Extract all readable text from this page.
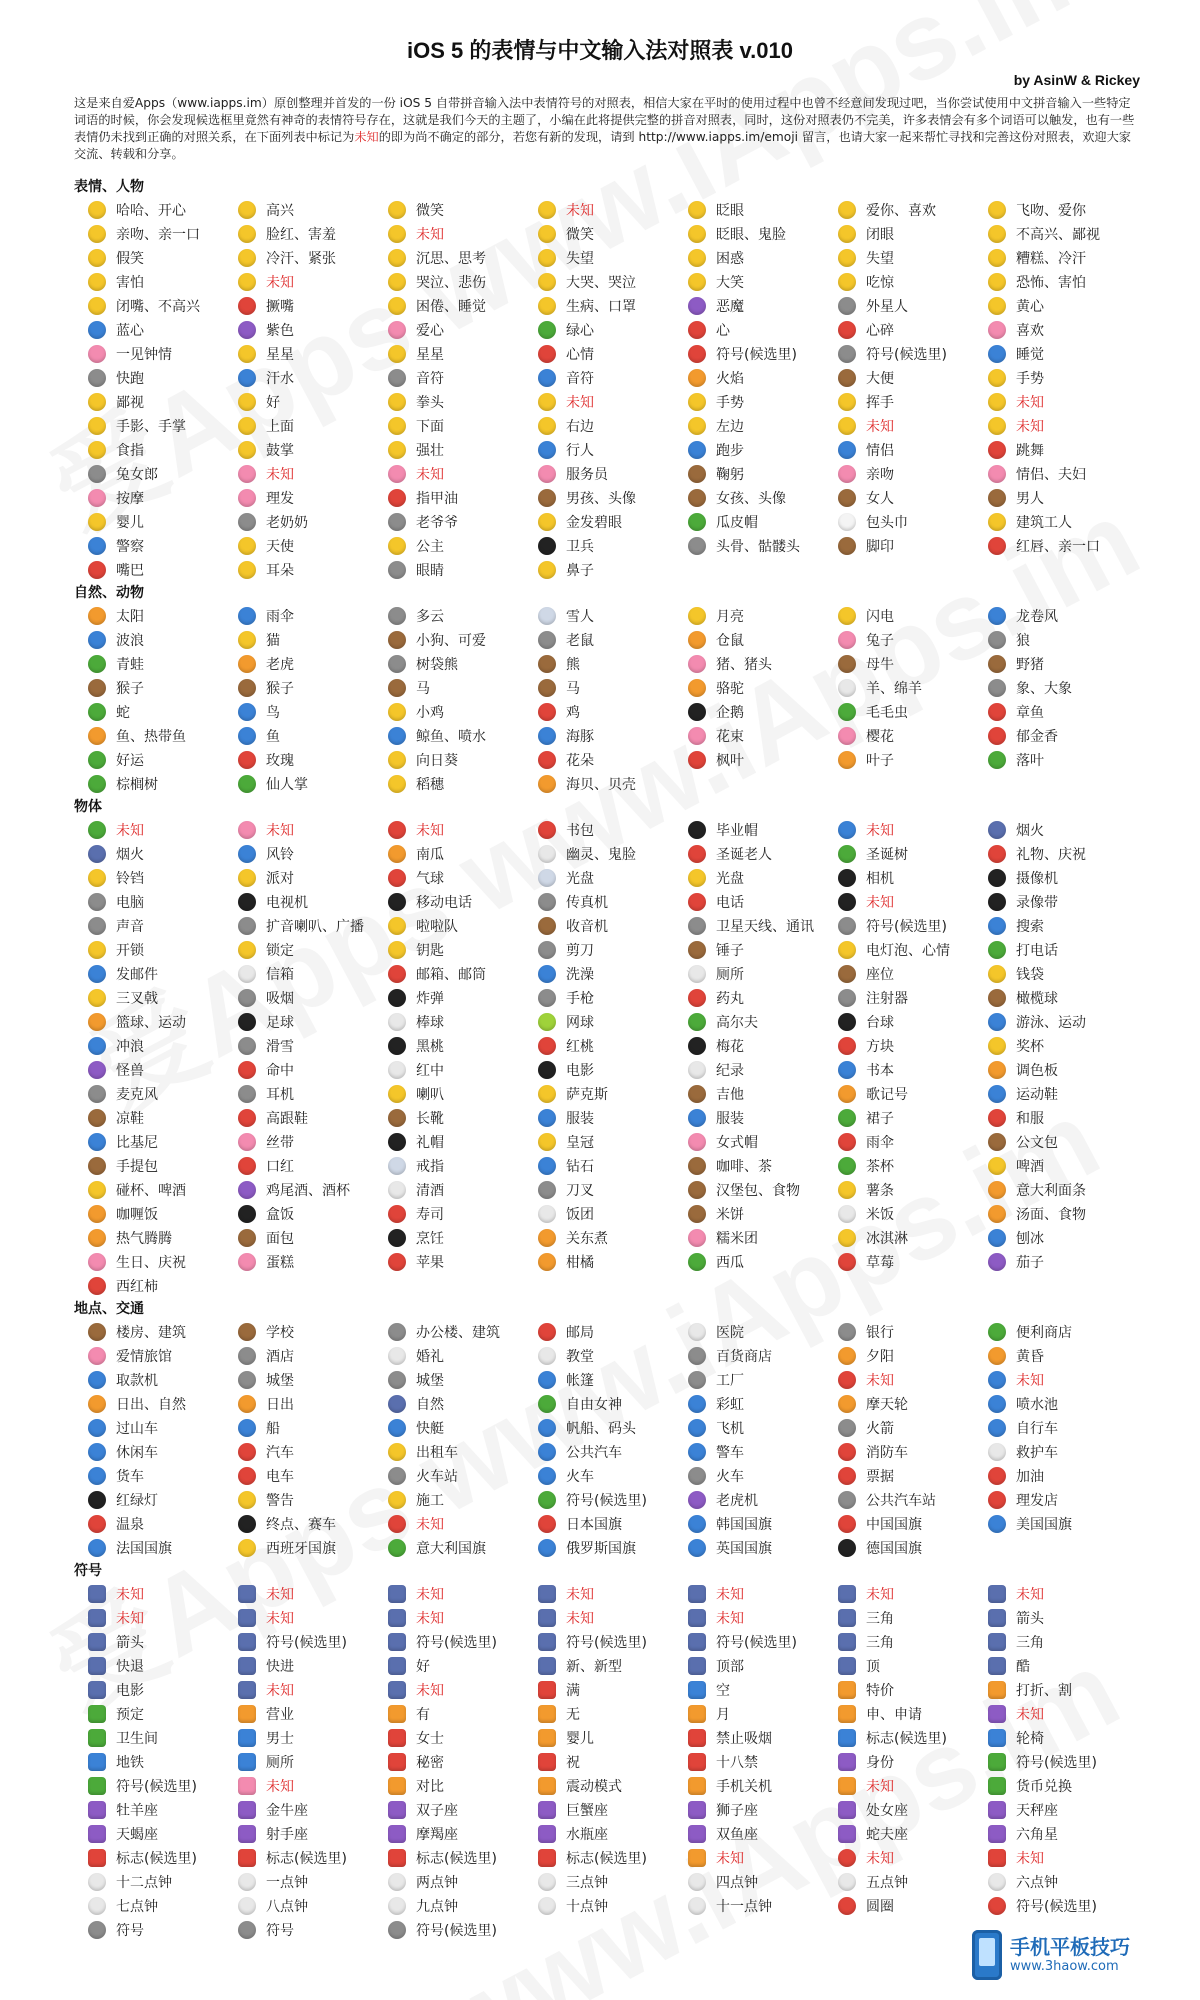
iOS 5 的表情与中文输入法对照表 v.010
by AsinW & Rickey
这是来自爱Apps（www.iapps.im）原创整理并首发的一份 iOS 5 自带拼音输入法中表情符号的对照表，相信大家在平时的使用过程中也曾不经意间发现过吧，当你尝试使用中文拼音输入一些特定词语的时候，你会发现候选框里竟然有神奇的表情符号存在，这就是我们今天的主题了，小编在此将提供完整的拼音对照表，同时，这份对照表仍不完美，许多表情会有多个词语可以触发，也有一些表情仍未找到正确的对照关系，在下面列表中标记为未知的即为尚不确定的部分，若您有新的发现，请到 http://www.iapps.im/emoji 留言，也请大家一起来帮忙寻找和完善这份对照表，欢迎大家交流、转载和分享。
表情、人物
哈哈、开心	高兴	微笑	未知	眨眼	爱你、喜欢	飞吻、爱你
亲吻、亲一口	脸红、害羞	未知	微笑	眨眼、鬼脸	闭眼	不高兴、鄙视
假笑	冷汗、紧张	沉思、思考	失望	困惑	失望	糟糕、冷汗
害怕	未知	哭泣、悲伤	大哭、哭泣	大笑	吃惊	恐怖、害怕
闭嘴、不高兴	撅嘴	困倦、睡觉	生病、口罩	恶魔	外星人	黄心
蓝心	紫色	爱心	绿心	心	心碎	喜欢
一见钟情	星星	星星	心情	符号(候选里)	符号(候选里)	睡觉
快跑	汗水	音符	音符	火焰	大便	手势
鄙视	好	拳头	未知	手势	挥手	未知
手影、手掌	上面	下面	右边	左边	未知	未知
食指	鼓掌	强壮	行人	跑步	情侣	跳舞
兔女郎	未知	未知	服务员	鞠躬	亲吻	情侣、夫妇
按摩	理发	指甲油	男孩、头像	女孩、头像	女人	男人
婴儿	老奶奶	老爷爷	金发碧眼	瓜皮帽	包头巾	建筑工人
警察	天使	公主	卫兵	头骨、骷髅头	脚印	红唇、亲一口
嘴巴	耳朵	眼睛	鼻子
自然、动物
太阳	雨伞	多云	雪人	月亮	闪电	龙卷风
波浪	猫	小狗、可爱	老鼠	仓鼠	兔子	狼
青蛙	老虎	树袋熊	熊	猪、猪头	母牛	野猪
猴子	猴子	马	马	骆驼	羊、绵羊	象、大象
蛇	鸟	小鸡	鸡	企鹅	毛毛虫	章鱼
鱼、热带鱼	鱼	鲸鱼、喷水	海豚	花束	樱花	郁金香
好运	玫瑰	向日葵	花朵	枫叶	叶子	落叶
棕榈树	仙人掌	稻穗	海贝、贝壳
物体
未知	未知	未知	书包	毕业帽	未知	烟火
烟火	风铃	南瓜	幽灵、鬼脸	圣诞老人	圣诞树	礼物、庆祝
铃铛	派对	气球	光盘	光盘	相机	摄像机
电脑	电视机	移动电话	传真机	电话	未知	录像带
声音	扩音喇叭、广播	啦啦队	收音机	卫星天线、通讯	符号(候选里)	搜索
开锁	锁定	钥匙	剪刀	锤子	电灯泡、心情	打电话
发邮件	信箱	邮箱、邮筒	洗澡	厕所	座位	钱袋
三叉戟	吸烟	炸弹	手枪	药丸	注射器	橄榄球
篮球、运动	足球	棒球	网球	高尔夫	台球	游泳、运动
冲浪	滑雪	黑桃	红桃	梅花	方块	奖杯
怪兽	命中	红中	电影	纪录	书本	调色板
麦克风	耳机	喇叭	萨克斯	吉他	歌记号	运动鞋
凉鞋	高跟鞋	长靴	服装	服装	裙子	和服
比基尼	丝带	礼帽	皇冠	女式帽	雨伞	公文包
手提包	口红	戒指	钻石	咖啡、茶	茶杯	啤酒
碰杯、啤酒	鸡尾酒、酒杯	清酒	刀叉	汉堡包、食物	薯条	意大利面条
咖喱饭	盒饭	寿司	饭团	米饼	米饭	汤面、食物
热气腾腾	面包	烹饪	关东煮	糯米团	冰淇淋	刨冰
生日、庆祝	蛋糕	苹果	柑橘	西瓜	草莓	茄子
西红柿
地点、交通
楼房、建筑	学校	办公楼、建筑	邮局	医院	银行	便利商店
爱情旅馆	酒店	婚礼	教堂	百货商店	夕阳	黄昏
取款机	城堡	城堡	帐篷	工厂	未知	未知
日出、自然	日出	自然	自由女神	彩虹	摩天轮	喷水池
过山车	船	快艇	帆船、码头	飞机	火箭	自行车
休闲车	汽车	出租车	公共汽车	警车	消防车	救护车
货车	电车	火车站	火车	火车	票据	加油
红绿灯	警告	施工	符号(候选里)	老虎机	公共汽车站	理发店
温泉	终点、赛车	未知	日本国旗	韩国国旗	中国国旗	美国国旗
法国国旗	西班牙国旗	意大利国旗	俄罗斯国旗	英国国旗	德国国旗
符号
未知	未知	未知	未知	未知	未知	未知
未知	未知	未知	未知	未知	三角	箭头
箭头	符号(候选里)	符号(候选里)	符号(候选里)	符号(候选里)	三角	三角
快退	快进	好	新、新型	顶部	顶	酷
电影	未知	未知	满	空	特价	打折、割
预定	营业	有	无	月	申、申请	未知
卫生间	男士	女士	婴儿	禁止吸烟	标志(候选里)	轮椅
地铁	厕所	秘密	祝	十八禁	身份	符号(候选里)
符号(候选里)	未知	对比	震动模式	手机关机	未知	货币兑换
牡羊座	金牛座	双子座	巨蟹座	狮子座	处女座	天秤座
天蝎座	射手座	摩羯座	水瓶座	双鱼座	蛇夫座	六角星
标志(候选里)	标志(候选里)	标志(候选里)	标志(候选里)	未知	未知	未知
十二点钟	一点钟	两点钟	三点钟	四点钟	五点钟	六点钟
七点钟	八点钟	九点钟	十点钟	十一点钟	圆圈	符号(候选里)
符号	符号	符号(候选里)
手机平板技巧
www.3haow.com
